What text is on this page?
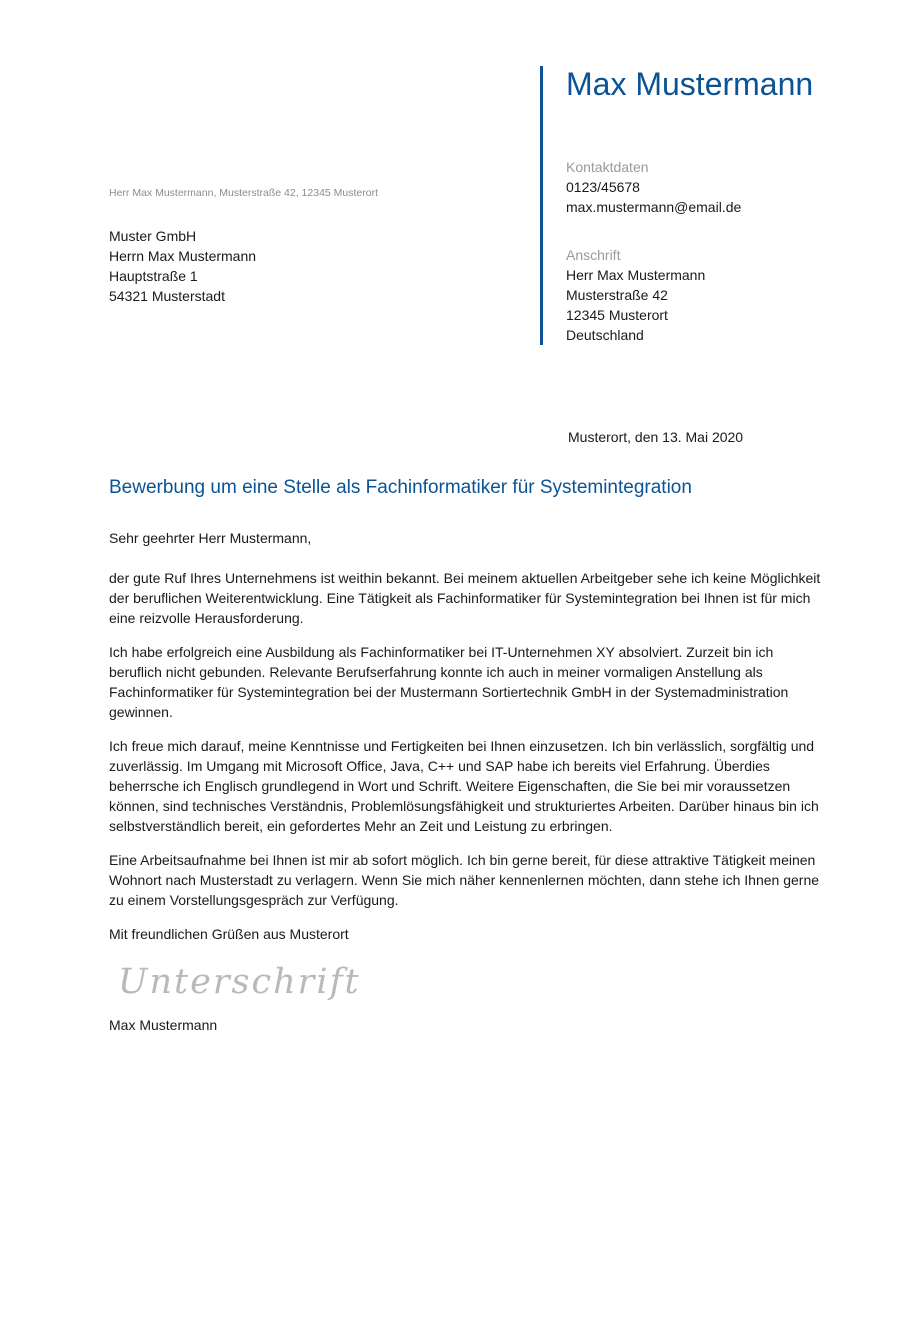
Max Mustermann
Kontaktdaten
0123/45678
max.mustermann@email.de
Anschrift
Herr Max Mustermann
Musterstraße 42
12345 Musterort
Deutschland
Herr Max Mustermann, Musterstraße 42, 12345 Musterort
Muster GmbH
Herrn Max Mustermann
Hauptstraße 1
54321 Musterstadt
Musterort, den 13. Mai 2020
Bewerbung um eine Stelle als Fachinformatiker für Systemintegration

Sehr geehrter Herr Mustermann,

der gute Ruf Ihres Unternehmens ist weithin bekannt. Bei meinem aktuellen Arbeitgeber sehe ich keine Möglichkeit der beruflichen Weiterentwicklung. Eine Tätigkeit als Fachinformatiker für Systemintegration bei Ihnen ist für mich eine reizvolle Herausforderung.

Ich habe erfolgreich eine Ausbildung als Fachinformatiker bei IT-Unternehmen XY absolviert. Zurzeit bin ich beruflich nicht gebunden. Relevante Berufserfahrung konnte ich auch in meiner vormaligen Anstellung als Fachinformatiker für Systemintegration bei der Mustermann Sortiertechnik GmbH in der Systemadministration gewinnen.

Ich freue mich darauf, meine Kenntnisse und Fertigkeiten bei Ihnen einzusetzen. Ich bin verlässlich, sorgfältig und zuverlässig. Im Umgang mit Microsoft Office, Java, C++ und SAP habe ich bereits viel Erfahrung. Überdies beherrsche ich Englisch grundlegend in Wort und Schrift. Weitere Eigenschaften, die Sie bei mir voraussetzen können, sind technisches Verständnis, Problemlösungsfähigkeit und strukturiertes Arbeiten. Darüber hinaus bin ich selbstverständlich bereit, ein gefordertes Mehr an Zeit und Leistung zu erbringen.

Eine Arbeitsaufnahme bei Ihnen ist mir ab sofort möglich. Ich bin gerne bereit, für diese attraktive Tätigkeit meinen Wohnort nach Musterstadt zu verlagern. Wenn Sie mich näher kennenlernen möchten, dann stehe ich Ihnen gerne zu einem Vorstellungsgespräch zur Verfügung.

Mit freundlichen Grüßen aus Musterort

Unterschrift
Max Mustermann
